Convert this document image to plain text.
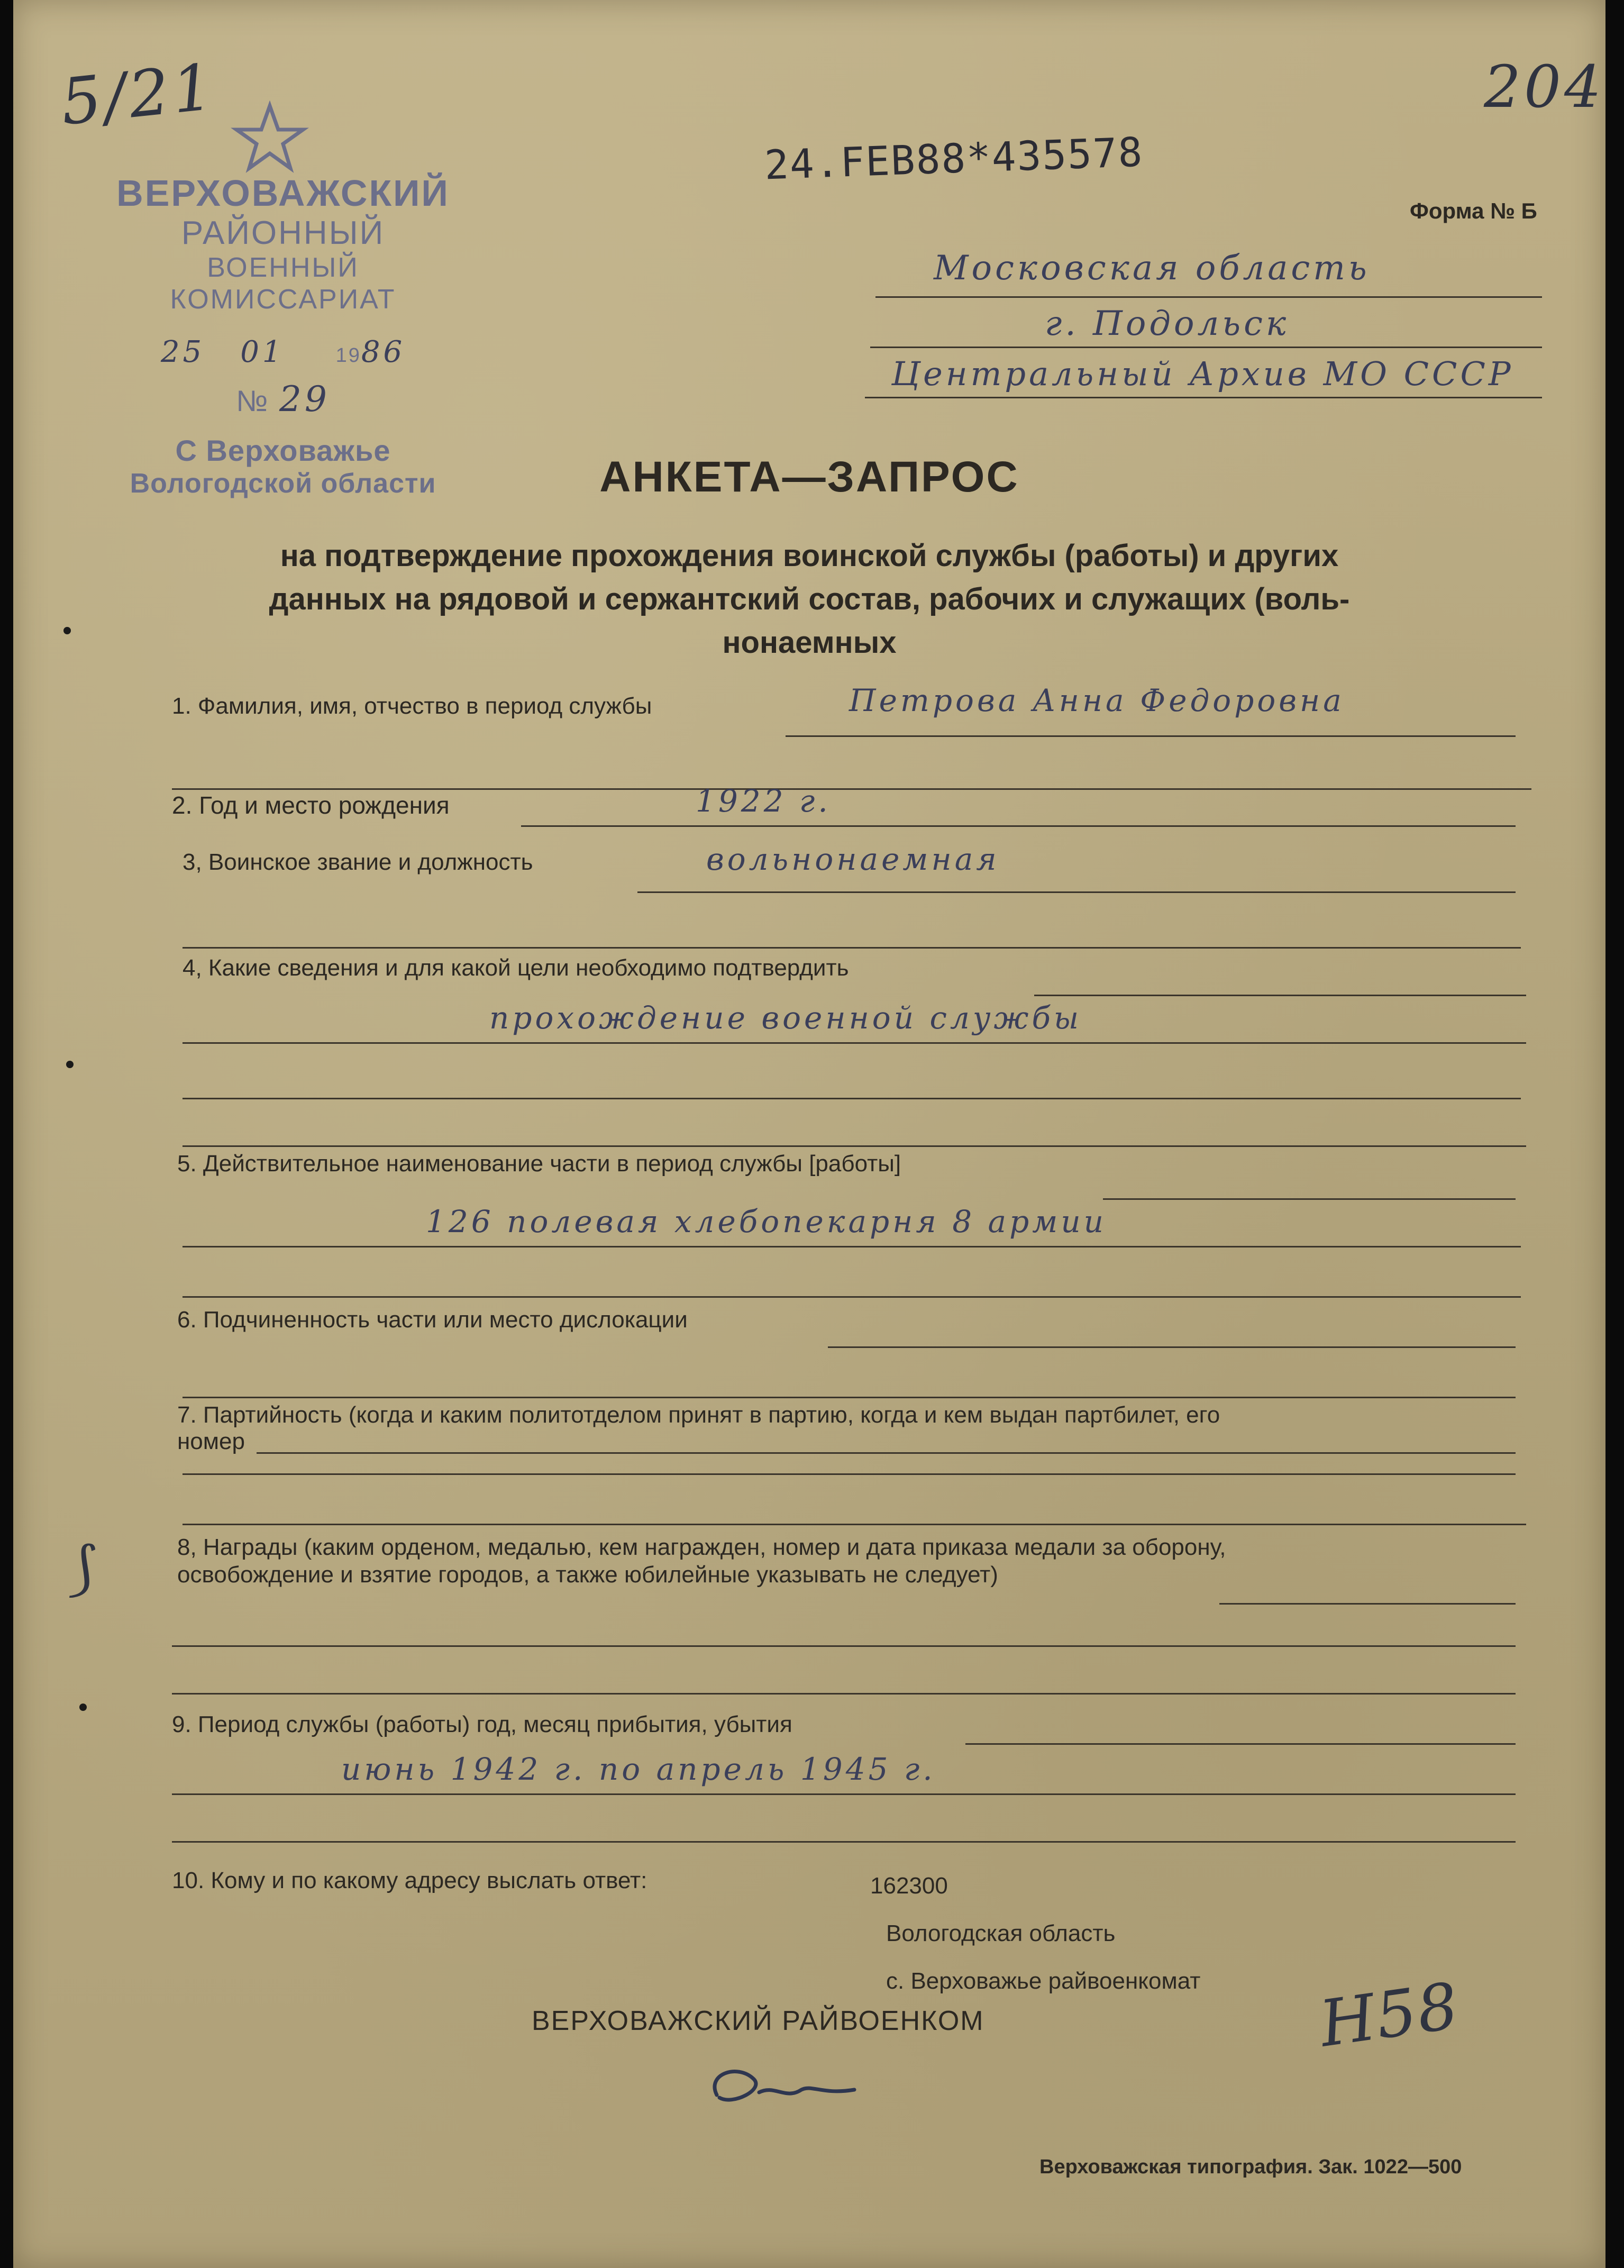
5/21	204
ВЕРХОВАЖСКИЙ
РАЙОННЫЙ
ВОЕННЫЙ КОМИССАРИАТ
25 01	1986
№ 29
С Верховажье
Вологодской области
24.FEB88*435578
Форма № Б
Московская область
г. Подольск
Центральный Архив МО СССР
АНКЕТА—ЗАПРОС
на подтверждение прохождения воинской службы (работы) и других
данных на рядовой и сержантский состав, рабочих и служащих (воль-
нонаемных
1. Фамилия, имя, отчество в период службы	Петрова Анна Федоровна
2. Год и место рождения	1922 г.
3, Воинское звание и должность	вольнонаемная
4, Какие сведения и для какой цели необходимо подтвердить
прохождение военной службы
5. Действительное наименование части в период службы [работы]
126 полевая хлебопекарня 8 армии
6. Подчиненность части или место дислокации
7. Партийность (когда и каким политотделом принят в партию, когда и кем выдан партбилет, его
номер
⟆	8, Награды (каким орденом, медалью, кем награжден, номер и дата приказа медали за оборону,
освобождение и взятие городов, а также юбилейные указывать не следует)
9. Период службы (работы) год, месяц прибытия, убытия
июнь 1942 г. по апрель 1945 г.
10. Кому и по какому адресу выслать ответ:	162300
Вологодская область
с. Верховажье райвоенкомат
ВЕРХОВАЖСКИЙ РАЙВОЕНКОМ	Н58
Верховажская типография. Зак. 1022—500
